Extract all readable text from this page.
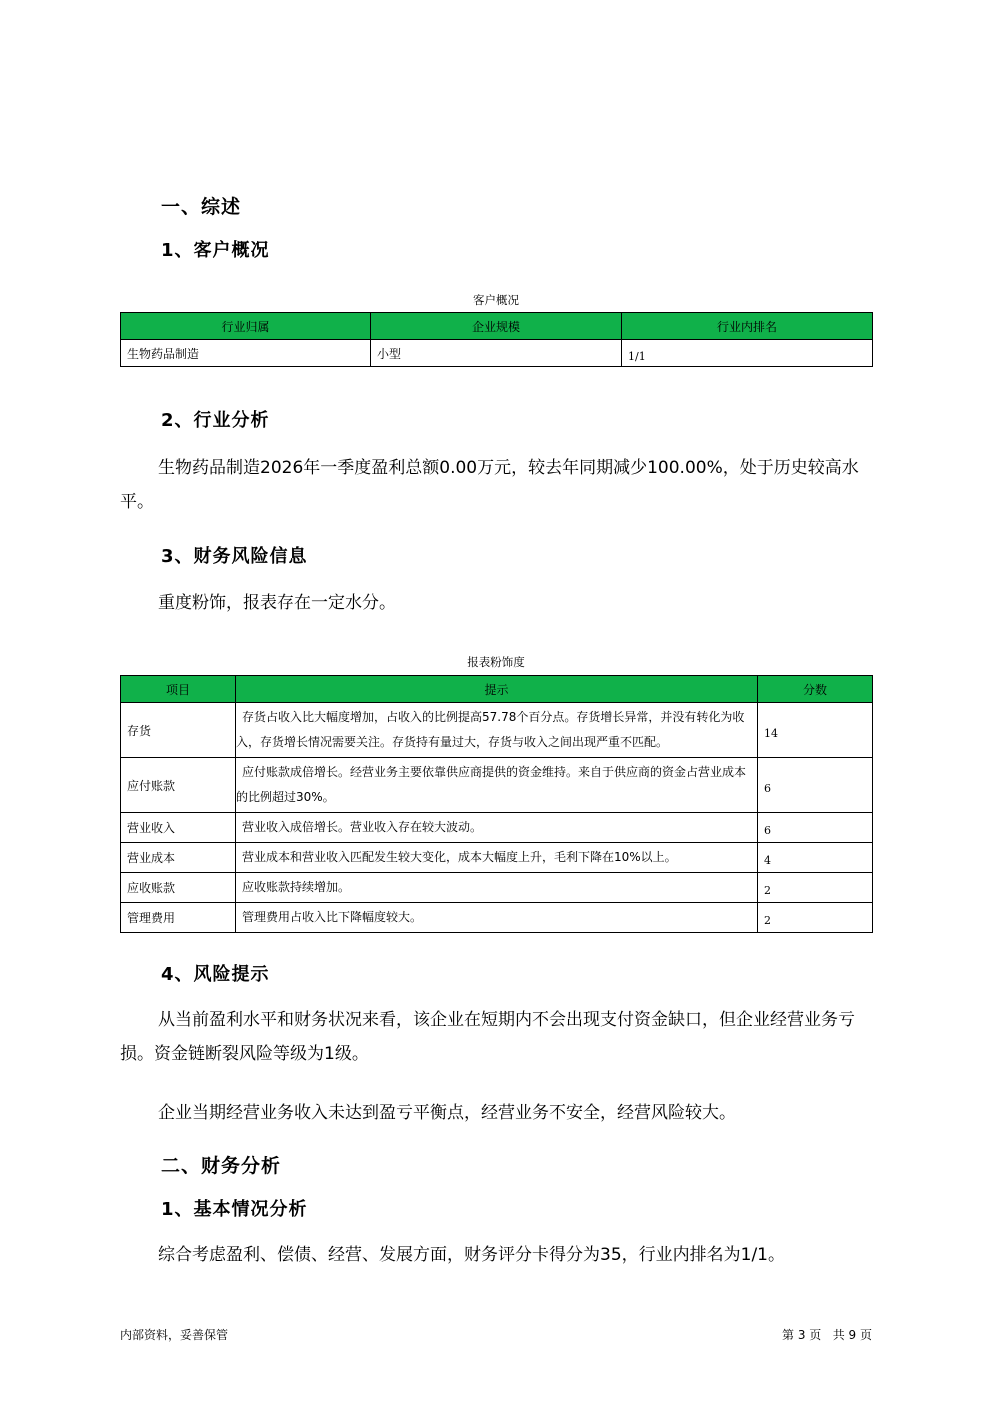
一、综述
1、客户概况
客户概况
行业归属	企业规模	行业内排名
生物药品制造	小型	1/1
2、行业分析
生物药品制造2026年一季度盈利总额0.00万元，较去年同期减少100.00%，处于历史较高水平。
3、财务风险信息
重度粉饰，报表存在一定水分。
报表粉饰度
项目	提示	分数
存货	存货占收入比大幅度增加，占收入的比例提高57.78个百分点。存货增长异常，并没有转化为收入，存货增长情况需要关注。存货持有量过大，存货与收入之间出现严重不匹配。	14
应付账款	应付账款成倍增长。经营业务主要依靠供应商提供的资金维持。来自于供应商的资金占营业成本的比例超过30%。	6
营业收入	营业收入成倍增长。营业收入存在较大波动。	6
营业成本	营业成本和营业收入匹配发生较大变化，成本大幅度上升，毛利下降在10%以上。	4
应收账款	应收账款持续增加。	2
管理费用	管理费用占收入比下降幅度较大。	2
4、风险提示
从当前盈利水平和财务状况来看，该企业在短期内不会出现支付资金缺口，但企业经营业务亏损。资金链断裂风险等级为1级。
企业当期经营业务收入未达到盈亏平衡点，经营业务不安全，经营风险较大。
二、财务分析
1、基本情况分析
综合考虑盈利、偿债、经营、发展方面，财务评分卡得分为35，行业内排名为1/1。
内部资料，妥善保管	第 3 页   共 9 页
